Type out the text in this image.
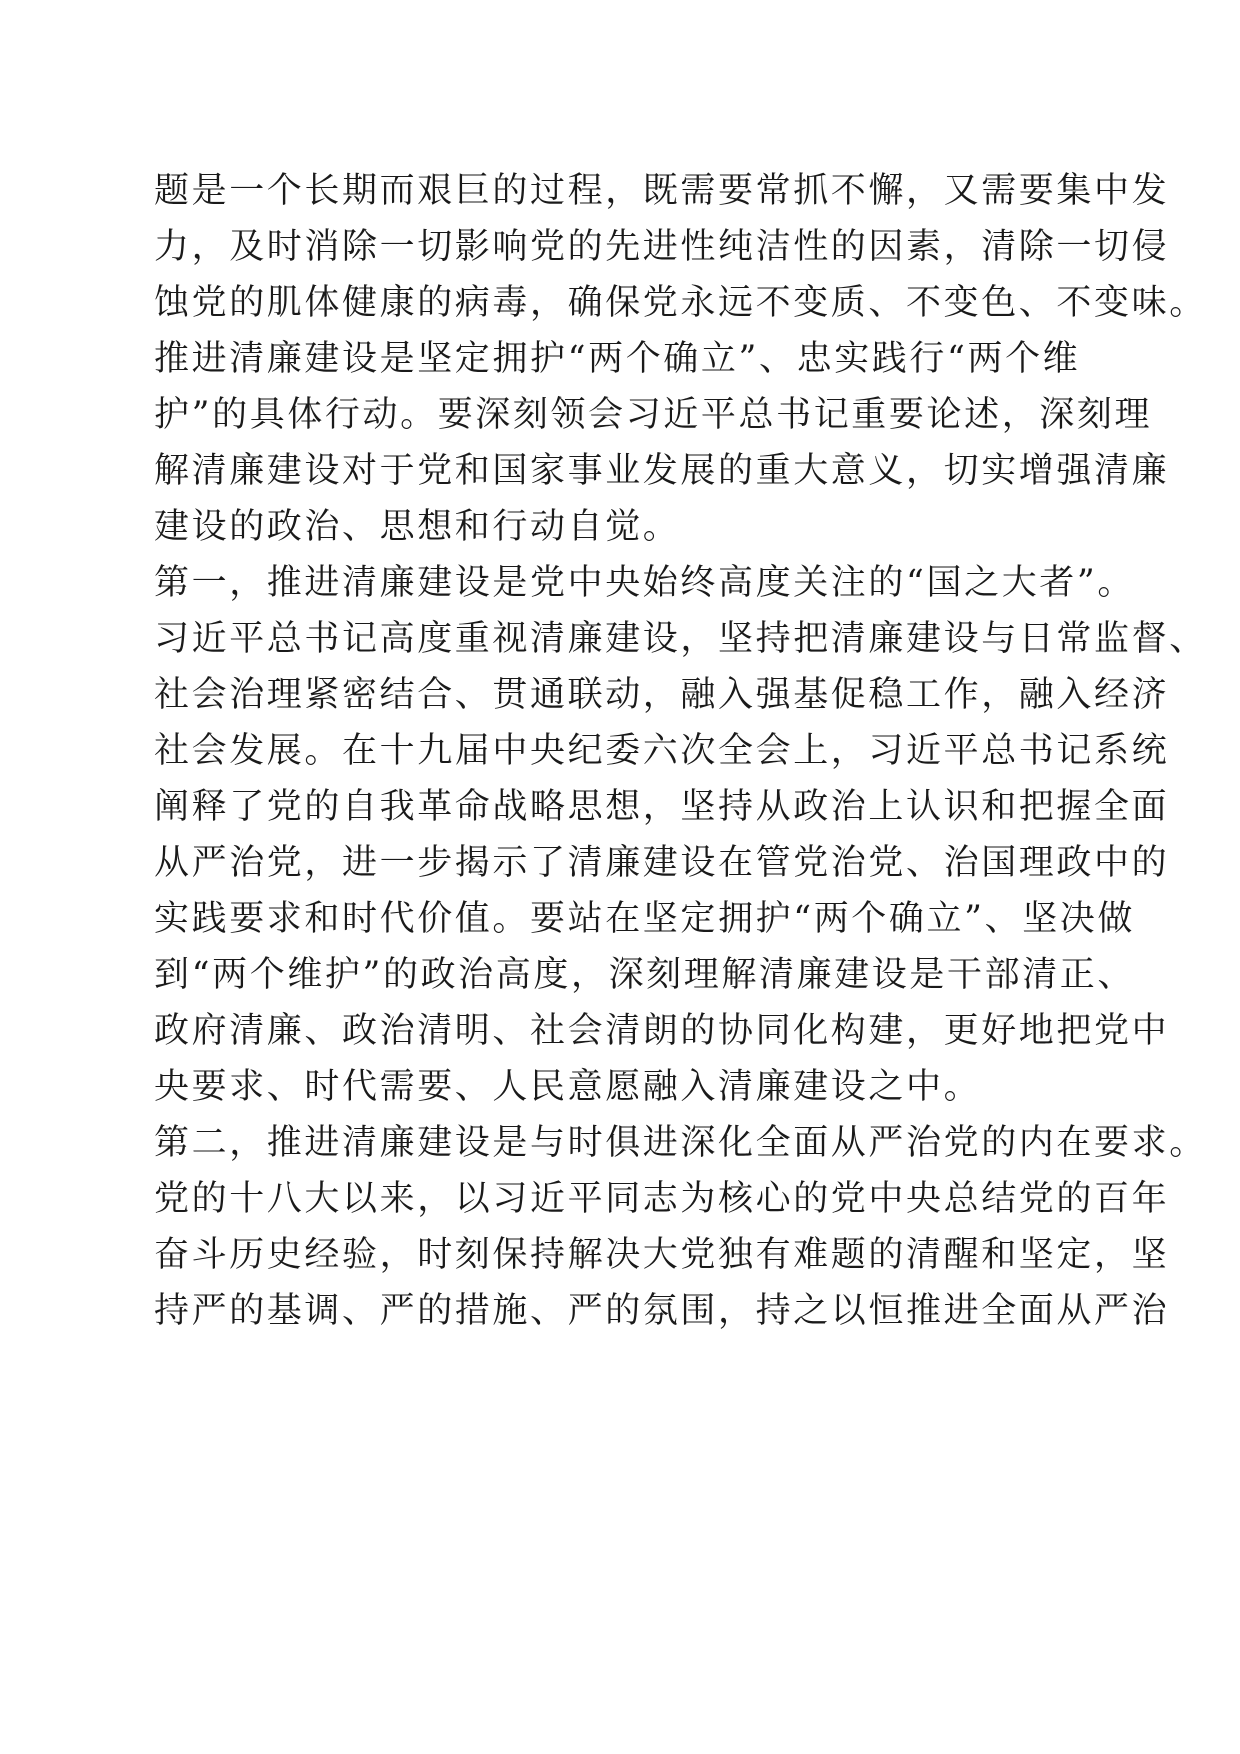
题是一个长期而艰巨的过程，既需要常抓不懈，又需要集中发
力，及时消除一切影响党的先进性纯洁性的因素，清除一切侵
蚀党的肌体健康的病毒，确保党永远不变质、不变色、不变味。
推进清廉建设是坚定拥护“两个确立”、忠实践行“两个维
护”的具体行动。要深刻领会习近平总书记重要论述，深刻理
解清廉建设对于党和国家事业发展的重大意义，切实增强清廉
建设的政治、思想和行动自觉。
第一，推进清廉建设是党中央始终高度关注的“国之大者”。
习近平总书记高度重视清廉建设，坚持把清廉建设与日常监督、
社会治理紧密结合、贯通联动，融入强基促稳工作，融入经济
社会发展。在十九届中央纪委六次全会上，习近平总书记系统
阐释了党的自我革命战略思想，坚持从政治上认识和把握全面
从严治党，进一步揭示了清廉建设在管党治党、治国理政中的
实践要求和时代价值。要站在坚定拥护“两个确立”、坚决做
到“两个维护”的政治高度，深刻理解清廉建设是干部清正、
政府清廉、政治清明、社会清朗的协同化构建，更好地把党中
央要求、时代需要、人民意愿融入清廉建设之中。
第二，推进清廉建设是与时俱进深化全面从严治党的内在要求。
党的十八大以来，以习近平同志为核心的党中央总结党的百年
奋斗历史经验，时刻保持解决大党独有难题的清醒和坚定，坚
持严的基调、严的措施、严的氛围，持之以恒推进全面从严治
